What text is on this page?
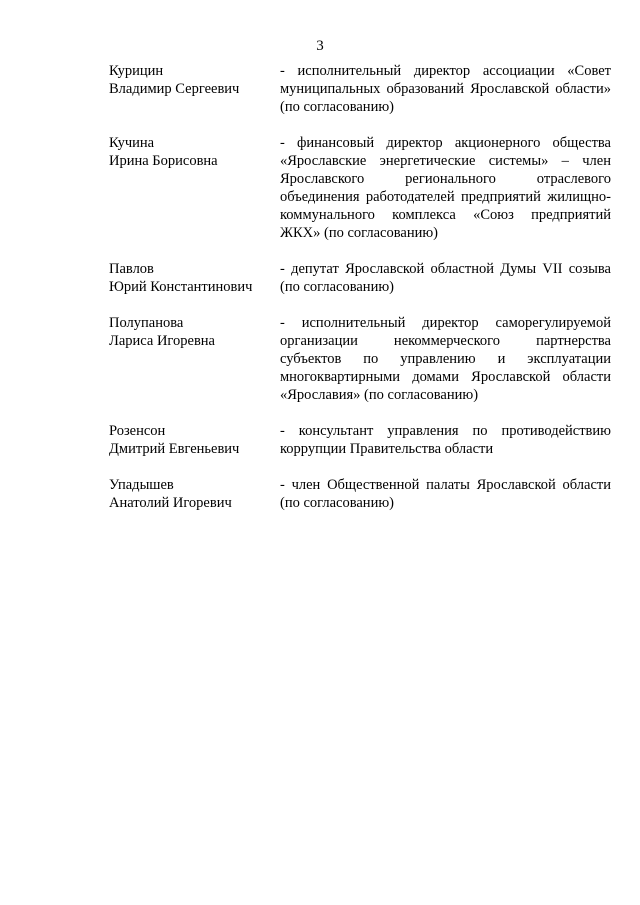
3
Курицин
Владимир Сергеевич
- исполнительный директор ассоциации «Совет муниципальных образований Ярославской области» (по согласованию)
Кучина
Ирина Борисовна
- финансовый директор акционерного общества «Ярославские энергетические системы» – член Ярославского регионального отраслевого объединения работодателей предприятий жилищно-коммунального комплекса «Союз предприятий ЖКХ» (по согласованию)
Павлов
Юрий Константинович
- депутат Ярославской областной Думы VII созыва (по согласованию)
Полупанова
Лариса Игоревна
- исполнительный директор саморегулируемой организации некоммерческого партнерства субъектов по управлению и эксплуатации многоквартирными домами Ярославской области «Ярославия» (по согласованию)
Розенсон
Дмитрий Евгеньевич
- консультант управления по противодействию коррупции Правительства области
Упадышев
Анатолий Игоревич
- член Общественной палаты Ярославской области (по согласованию)
